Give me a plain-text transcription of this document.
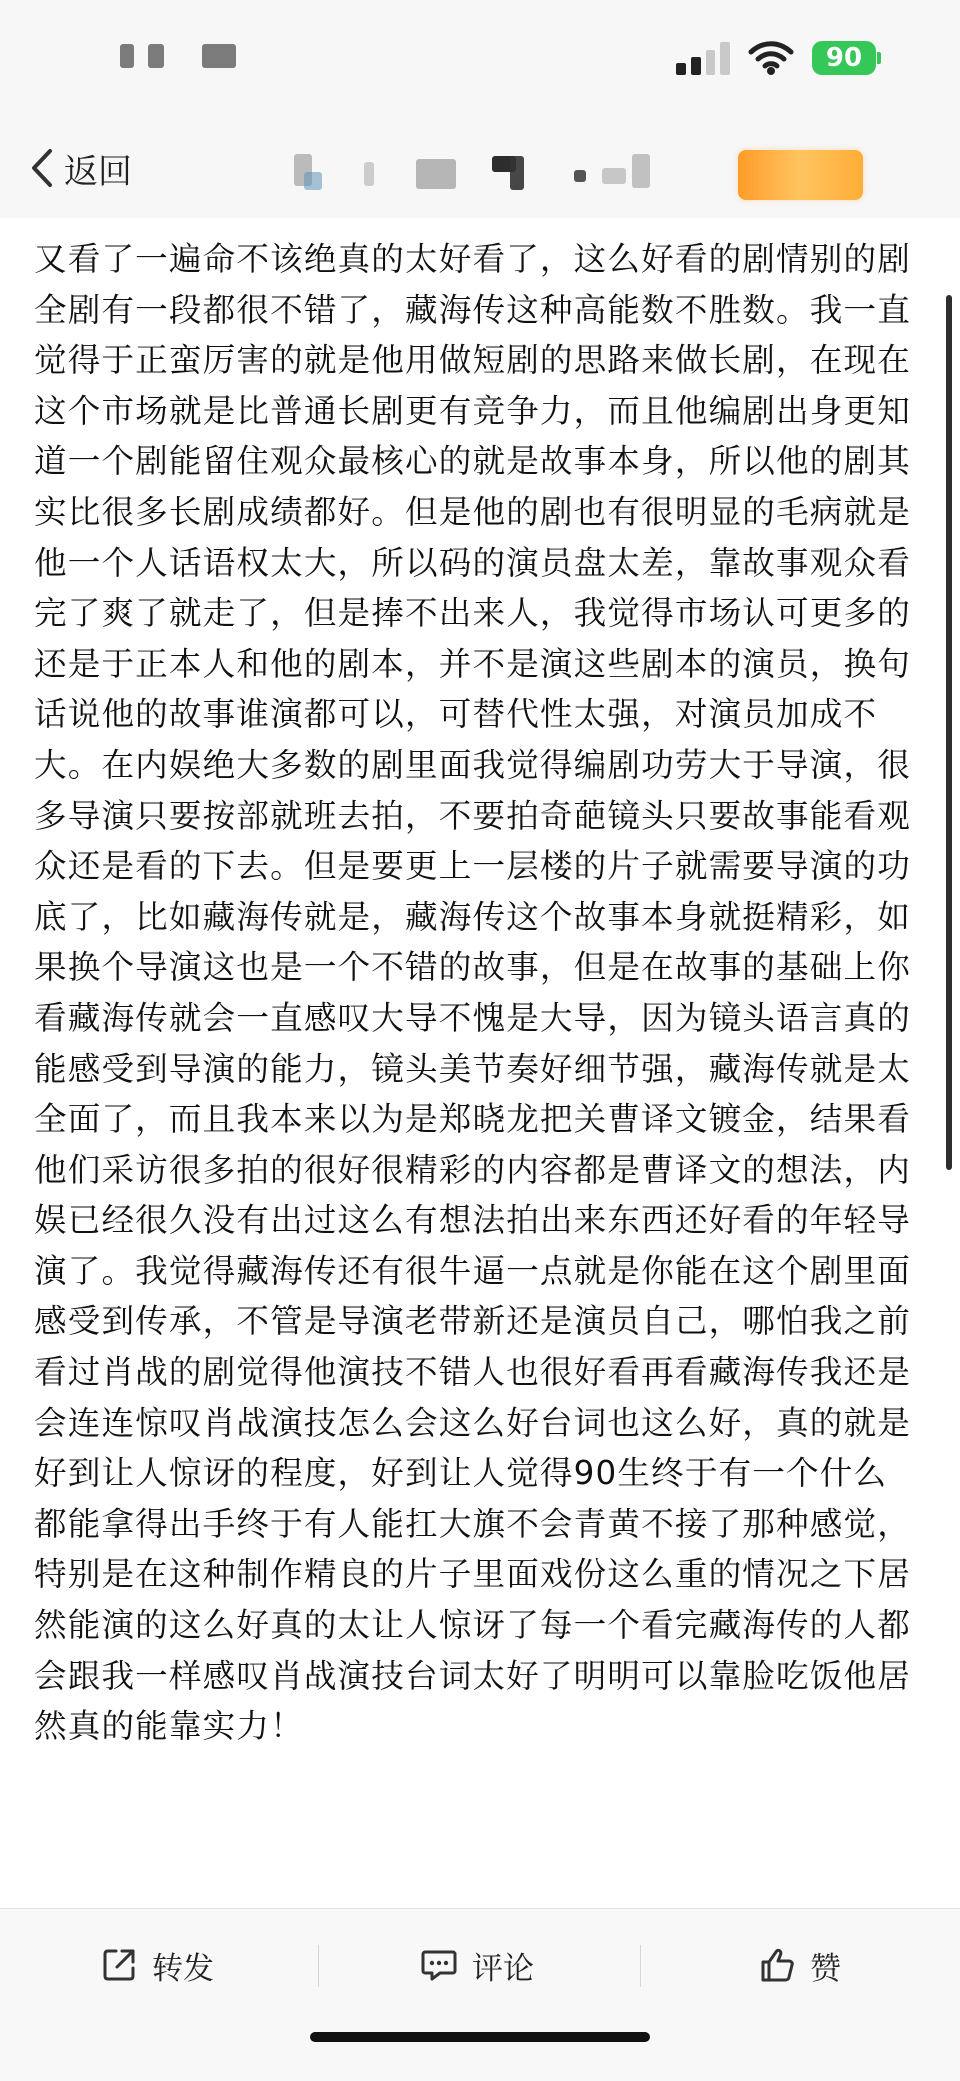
90
返回

又看了一遍命不该绝真的太好看了，这么好看的剧情别的剧全剧有一段都很不错了，藏海传这种高能数不胜数。我一直觉得于正蛮厉害的就是他用做短剧的思路来做长剧，在现在这个市场就是比普通长剧更有竞争力，而且他编剧出身更知道一个剧能留住观众最核心的就是故事本身，所以他的剧其实比很多长剧成绩都好。但是他的剧也有很明显的毛病就是他一个人话语权太大，所以码的演员盘太差，靠故事观众看完了爽了就走了，但是捧不出来人，我觉得市场认可更多的还是于正本人和他的剧本，并不是演这些剧本的演员，换句话说他的故事谁演都可以，可替代性太强，对演员加成不大。在内娱绝大多数的剧里面我觉得编剧功劳大于导演，很多导演只要按部就班去拍，不要拍奇葩镜头只要故事能看观众还是看的下去。但是要更上一层楼的片子就需要导演的功底了，比如藏海传就是，藏海传这个故事本身就挺精彩，如果换个导演这也是一个不错的故事，但是在故事的基础上你看藏海传就会一直感叹大导不愧是大导，因为镜头语言真的能感受到导演的能力，镜头美节奏好细节强，藏海传就是太全面了，而且我本来以为是郑晓龙把关曹译文镀金，结果看他们采访很多拍的很好很精彩的内容都是曹译文的想法，内娱已经很久没有出过这么有想法拍出来东西还好看的年轻导演了。我觉得藏海传还有很牛逼一点就是你能在这个剧里面感受到传承，不管是导演老带新还是演员自己，哪怕我之前看过肖战的剧觉得他演技不错人也很好看再看藏海传我还是会连连惊叹肖战演技怎么会这么好台词也这么好，真的就是好到让人惊讶的程度，好到让人觉得90生终于有一个什么都能拿得出手终于有人能扛大旗不会青黄不接了那种感觉，特别是在这种制作精良的片子里面戏份这么重的情况之下居然能演的这么好真的太让人惊讶了每一个看完藏海传的人都会跟我一样感叹肖战演技台词太好了明明可以靠脸吃饭他居然真的能靠实力！

转发	评论	赞
